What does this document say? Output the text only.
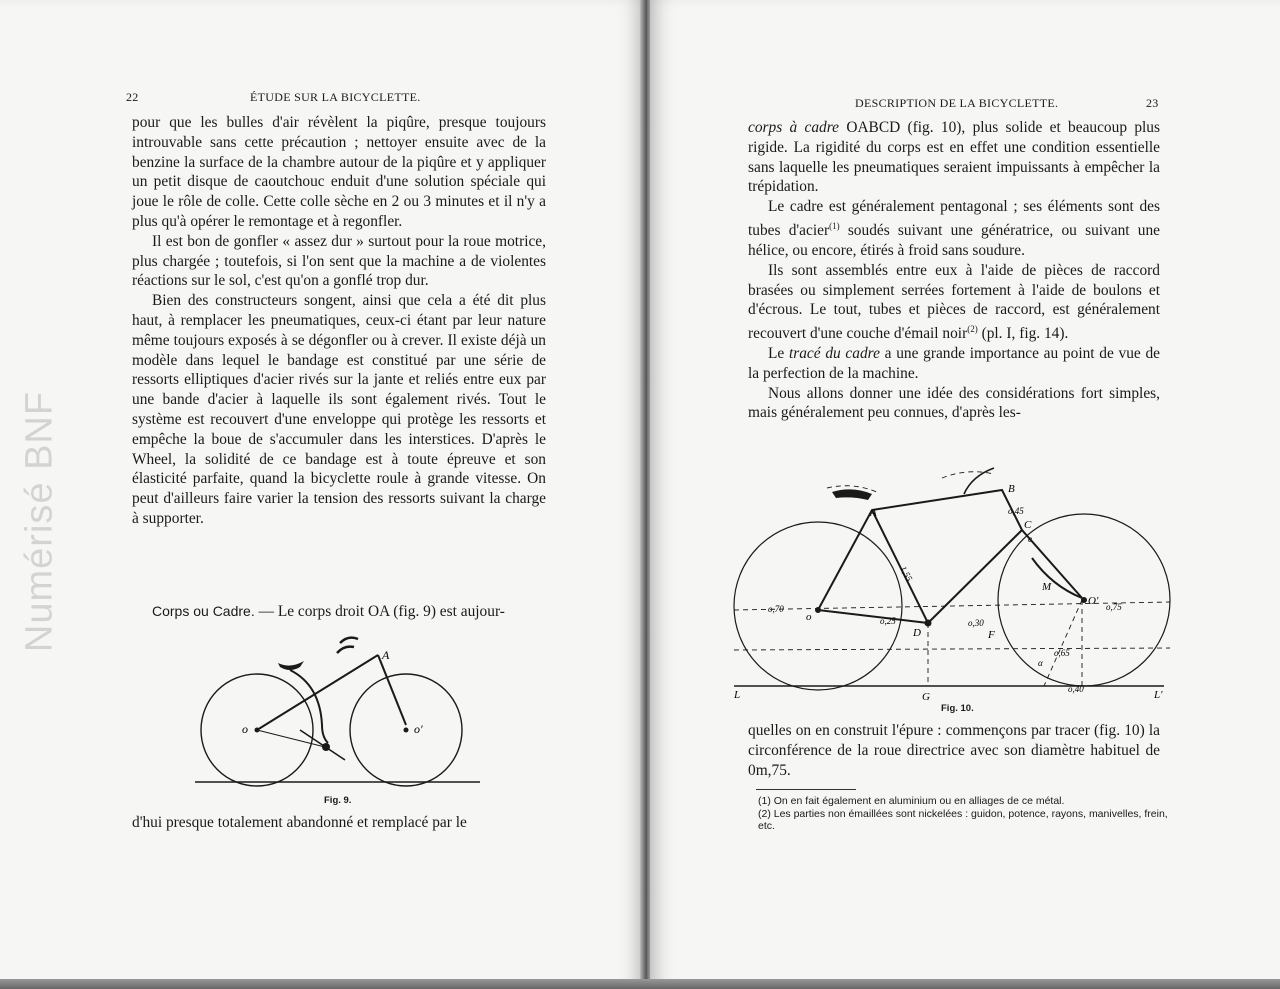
22	ÉTUDE SUR LA BICYCLETTE.

pour que les bulles d'air révèlent la piqûre, presque toujours introuvable sans cette précaution ; nettoyer ensuite avec de la benzine la surface de la chambre autour de la piqûre et y appliquer un petit disque de caoutchouc enduit d'une solution spéciale qui joue le rôle de colle. Cette colle sèche en 2 ou 3 minutes et il n'y a plus qu'à opérer le remontage et à regonfler.

Il est bon de gonfler « assez dur » surtout pour la roue motrice, plus chargée ; toutefois, si l'on sent que la machine a de violentes réactions sur le sol, c'est qu'on a gonflé trop dur.

Bien des constructeurs songent, ainsi que cela a été dit plus haut, à remplacer les pneumatiques, ceux-ci étant par leur nature même toujours exposés à se dégonfler ou à crever. Il existe déjà un modèle dans lequel le bandage est constitué par une série de ressorts elliptiques d'acier rivés sur la jante et reliés entre eux par une bande d'acier à laquelle ils sont également rivés. Tout le système est recouvert d'une enveloppe qui protège les ressorts et empêche la boue de s'accumuler dans les interstices. D'après le Wheel, la solidité de ce bandage est à toute épreuve et son élasticité parfaite, quand la bicyclette roule à grande vitesse. On peut d'ailleurs faire varier la tension des ressorts suivant la charge à supporter.

Corps ou Cadre. — Le corps droit OA (fig. 9) est aujour-

o	o'
A
Fig. 9.

d'hui presque totalement abandonné et remplacé par le

Numérisé BNF
DESCRIPTION DE LA BICYCLETTE.	23

corps à cadre OABCD (fig. 10), plus solide et beaucoup plus rigide. La rigidité du corps est en effet une condition essentielle sans laquelle les pneumatiques seraient impuissants à empêcher la trépidation.

Le cadre est généralement pentagonal ; ses éléments sont des tubes d'acier$^{(1)}$ soudés suivant une génératrice, ou suivant une hélice, ou encore, étirés à froid sans soudure.

Ils sont assemblés entre eux à l'aide de pièces de raccord brasées ou simplement serrées fortement à l'aide de boulons et d'écrous. Le tout, tubes et pièces de raccord, est généralement recouvert d'une couche d'émail noir$^{(2)}$ (pl. I, fig. 14).

Le tracé du cadre a une grande importance au point de vue de la perfection de la machine.

Nous allons donner une idée des considérations fort simples, mais généralement peu connues, d'après les-

A
B
C
D	F
M
G
L	L'
o
O' o,75
o,70
o,25	o,30
1,55
o,45
o,65
o,40
α
e
Fig. 10.

quelles on en construit l'épure : commençons par tracer (fig. 10) la circonférence de la roue directrice avec son diamètre habituel de 0m,75.

(1) On en fait également en aluminium ou en alliages de ce métal.

(2) Les parties non émaillées sont nickelées : guidon, potence, rayons, manivelles, frein, etc.
